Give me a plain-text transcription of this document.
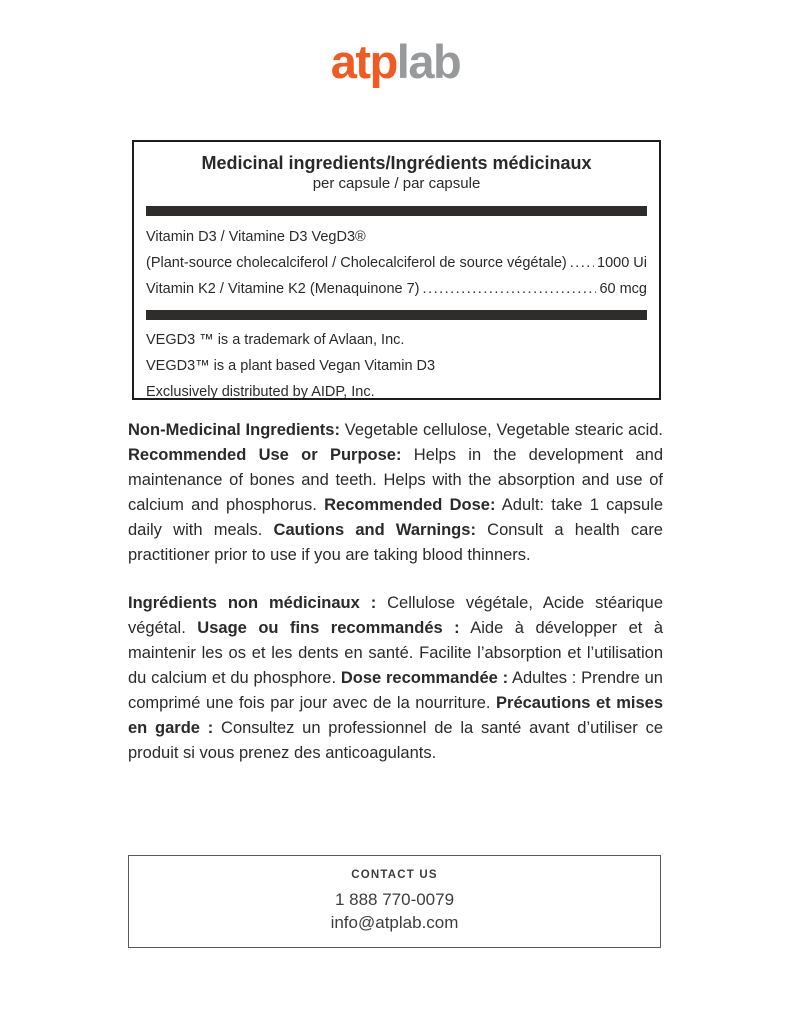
atplab
Medicinal ingredients/Ingrédients médicinaux
per capsule / par capsule
Vitamin D3 / Vitamine D3 VegD3®
(Plant-source cholecalciferol / Cholecalciferol de source végétale) ..... 1000 Ui
Vitamin K2 / Vitamine K2 (Menaquinone 7) .....	60 mcg
VEGD3 ™ is a trademark of Avlaan, Inc.
VEGD3™ is a plant based Vegan Vitamin D3
Exclusively distributed by AIDP, Inc.

Non-Medicinal Ingredients: Vegetable cellulose, Vegetable stearic acid. Recommended Use or Purpose: Helps in the development and maintenance of bones and teeth. Helps with the absorption and use of calcium and phosphorus. Recommended Dose: Adult: take 1 capsule daily with meals. Cautions and Warnings: Consult a health care practitioner prior to use if you are taking blood thinners.

Ingrédients non médicinaux : Cellulose végétale, Acide stéarique végétal. Usage ou fins recommandés : Aide à développer et à maintenir les os et les dents en santé. Facilite l’absorption et l’utilisation du calcium et du phosphore. Dose recommandée : Adultes : Prendre un comprimé une fois par jour avec de la nourriture. Précautions et mises en garde : Consultez un professionnel de la santé avant d’utiliser ce produit si vous prenez des anticoagulants.

CONTACT US
1 888 770-0079
info@atplab.com
